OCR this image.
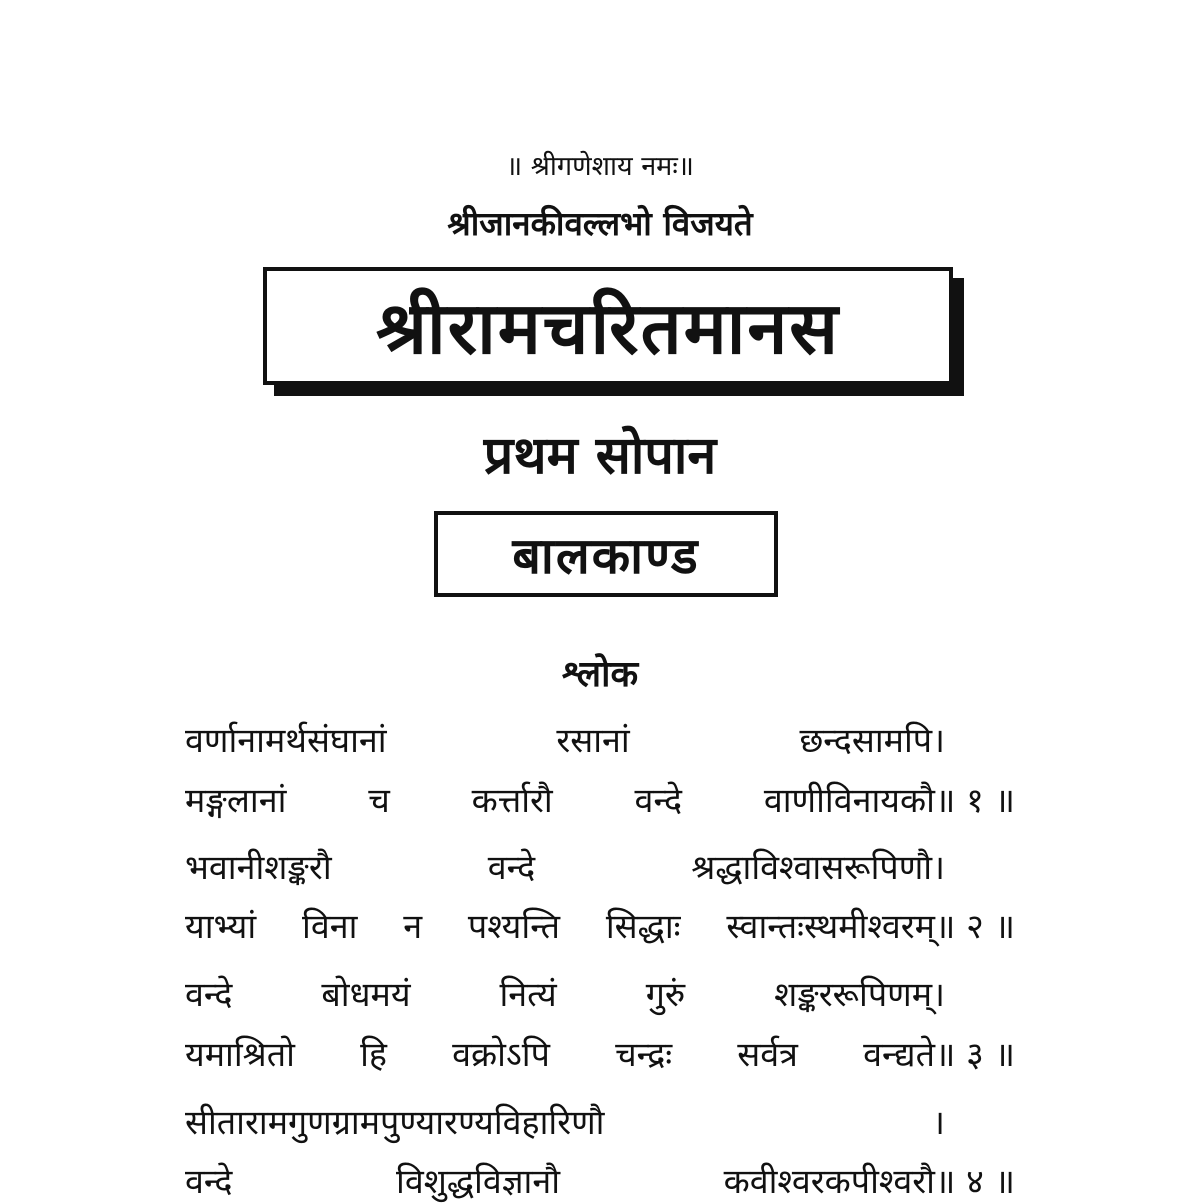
॥ श्रीगणेशाय नमः॥
श्रीजानकीवल्लभो विजयते
श्रीरामचरितमानस
प्रथम सोपान
बालकाण्ड
श्लोक
वर्णानामर्थसंघानां	रसानां	छन्दसामपि।
मङ्गलानां च कर्त्तारौ वन्दे वाणीविनायकौ॥ १ ॥
भवानीशङ्करौ	वन्दे	श्रद्धाविश्वासरूपिणौ।
याभ्यां विना न पश्यन्ति सिद्धाः स्वान्तःस्थमीश्वरम्॥ २ ॥
वन्दे	बोधमयं	नित्यं	गुरुं	शङ्कररूपिणम्।
यमाश्रितो हि वक्रोऽपि चन्द्रः सर्वत्र वन्द्यते॥ ३ ॥
सीतारामगुणग्रामपुण्यारण्यविहारिणौ	।
वन्दे	विशुद्धविज्ञानौ	कवीश्वरकपीश्वरौ॥ ४ ॥
